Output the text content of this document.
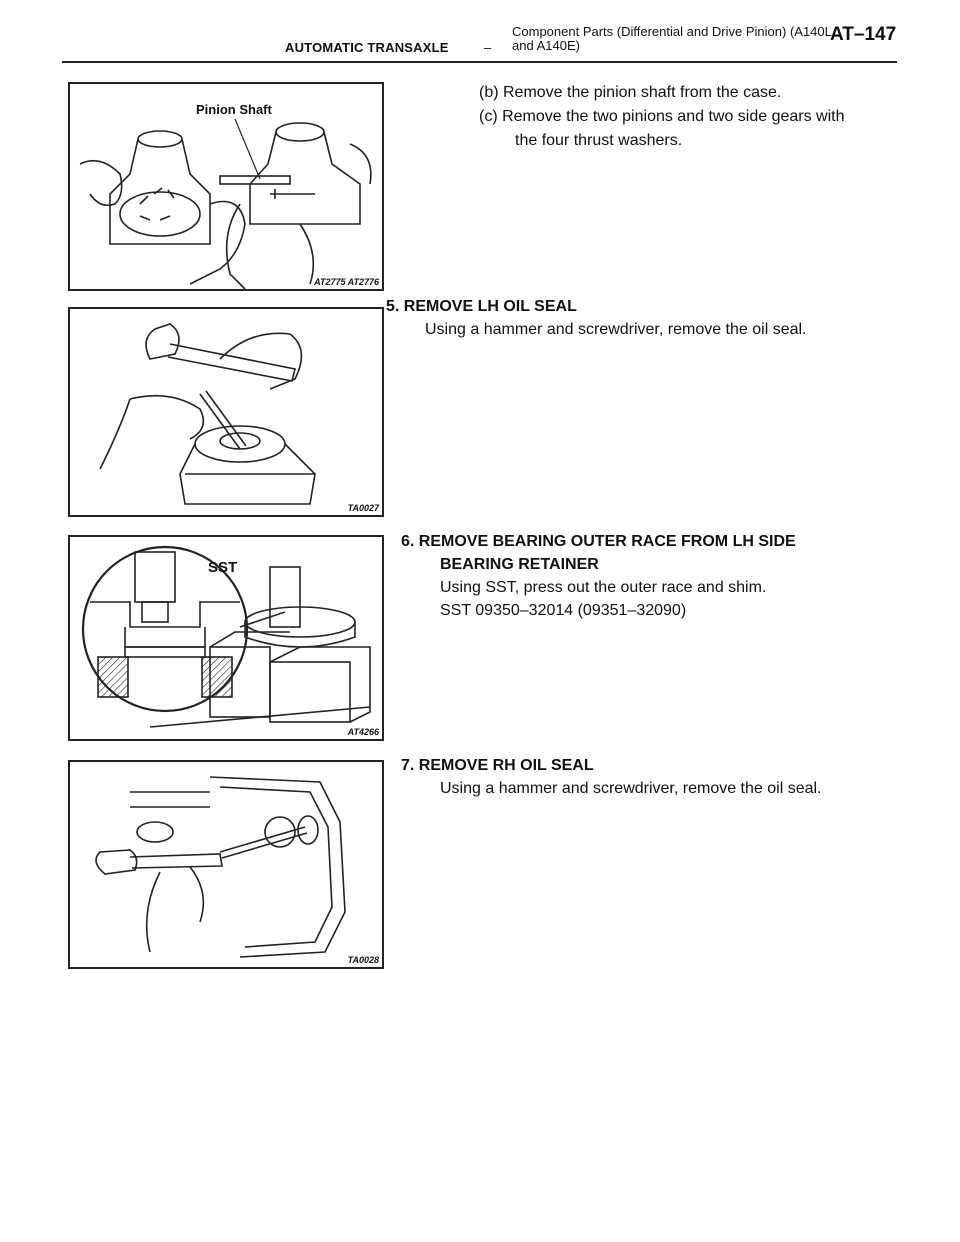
AUTOMATIC TRANSAXLE	–
Component Parts (Differential and Drive Pinion) (A140L and A140E)
AT–147
Pinion Shaft
AT2775 AT2776
TA0027
SST
AT4266
TA0028
(b) Remove the pinion shaft from the case.
(c) Remove the two pinions and two side gears with
the four thrust washers.
5. REMOVE LH OIL SEAL
Using a hammer and screwdriver, remove the oil seal.
6. REMOVE BEARING OUTER RACE FROM LH SIDE
BEARING RETAINER
Using SST, press out the outer race and shim.
SST 09350–32014 (09351–32090)
7. REMOVE RH OIL SEAL
Using a hammer and screwdriver, remove the oil seal.
